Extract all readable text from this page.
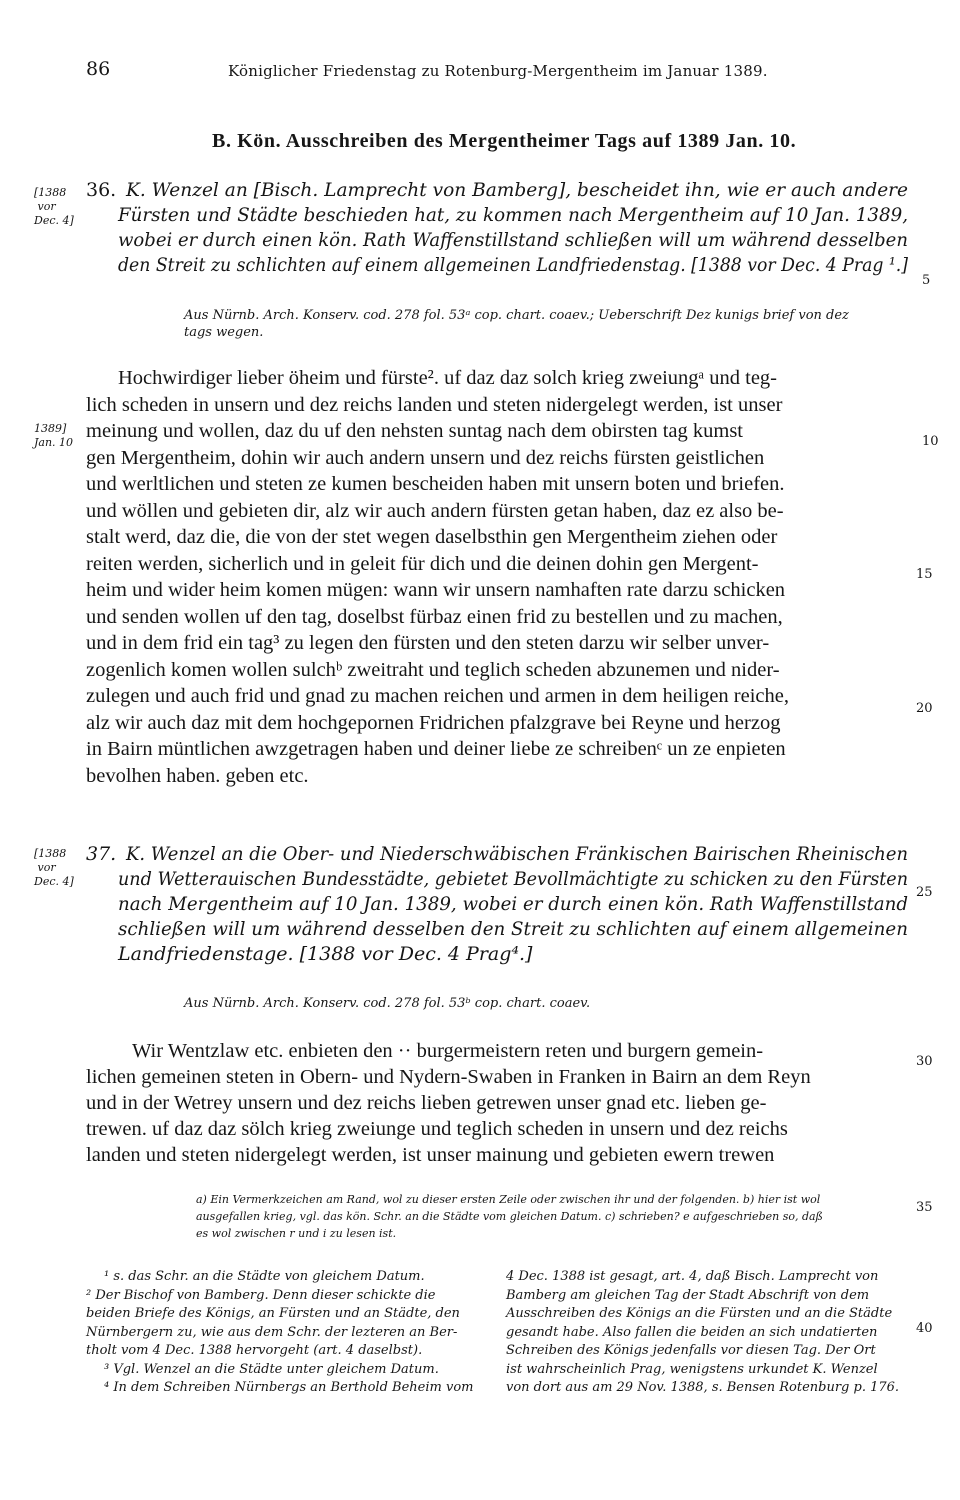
86	Königlicher Friedenstag zu Rotenburg-Mergentheim im Januar 1389.
B. Kön. Ausschreiben des Mergentheimer Tags auf 1389 Jan. 10.
[1388
vor
Dec. 4]
36. K. Wenzel an [Bisch. Lamprecht von Bamberg], bescheidet ihn, wie er auch andere
Fürsten und Städte beschieden hat, zu kommen nach Mergentheim auf 10 Jan. 1389,
wobei er durch einen kön. Rath Waffenstillstand schließen will um während desselben
den Streit zu schlichten auf einem allgemeinen Landfriedenstag. [1388 vor Dec. 4 Prag ¹.]
Aus Nürnb. Arch. Konserv. cod. 278 fol. 53ᵃ cop. chart. coaev.; Ueberschrift Dez kunigs brief von dez
tags wegen.
1389]
Jan. 10
Hochwirdiger lieber öheim und fürste². uf daz daz solch krieg zweiungᵃ und teg-
lich scheden in unsern und dez reichs landen und steten nidergelegt werden, ist unser
meinung und wollen, daz du uf den nehsten suntag nach dem obirsten tag kumst
gen Mergentheim, dohin wir auch andern unsern und dez reichs fürsten geistlichen
und werltlichen und steten ze kumen bescheiden haben mit unsern boten und briefen.
und wöllen und gebieten dir, alz wir auch andern fürsten getan haben, daz ez also be-
stalt werd, daz die, die von der stet wegen daselbsthin gen Mergentheim ziehen oder
reiten werden, sicherlich und in geleit für dich und die deinen dohin gen Mergent-
heim und wider heim komen mügen: wann wir unsern namhaften rate darzu schicken
und senden wollen uf den tag, doselbst fürbaz einen frid zu bestellen und zu machen,
und in dem frid ein tag³ zu legen den fürsten und den steten darzu wir selber unver-
zogenlich komen wollen sulchᵇ zweitraht und teglich scheden abzunemen und nider-
zulegen und auch frid und gnad zu machen reichen und armen in dem heiligen reiche,
alz wir auch daz mit dem hochgepornen Fridrichen pfalzgrave bei Reyne und herzog
in Bairn müntlichen awzgetragen haben und deiner liebe ze schreibenᶜ un ze enpieten
bevolhen haben. geben etc.
[1388
vor
Dec. 4]
37. K. Wenzel an die Ober- und Niederschwäbischen Fränkischen Bairischen Rheinischen
und Wetterauischen Bundesstädte, gebietet Bevollmächtigte zu schicken zu den Fürsten
nach Mergentheim auf 10 Jan. 1389, wobei er durch einen kön. Rath Waffenstillstand
schließen will um während desselben den Streit zu schlichten auf einem allgemeinen
Landfriedenstage. [1388 vor Dec. 4 Prag⁴.]
Aus Nürnb. Arch. Konserv. cod. 278 fol. 53ᵇ cop. chart. coaev.
Wir Wentzlaw etc. enbieten den ·· burgermeistern reten und burgern gemein-
lichen gemeinen steten in Obern- und Nydern-Swaben in Franken in Bairn an dem Reyn
und in der Wetrey unsern und dez reichs lieben getrewen unser gnad etc. lieben ge-
trewen. uf daz daz sölch krieg zweiunge und teglich scheden in unsern und dez reichs
landen und steten nidergelegt werden, ist unser mainung und gebieten ewern trewen
5
10
15
20
25
30
35
40
a) Ein Vermerkzeichen am Rand, wol zu dieser ersten Zeile oder zwischen ihr und der folgenden. b) hier ist wol
ausgefallen krieg, vgl. das kön. Schr. an die Städte vom gleichen Datum. c) schrieben? e aufgeschrieben so, daß
es wol zwischen r und i zu lesen ist.
¹ s. das Schr. an die Städte von gleichem Datum.
² Der Bischof von Bamberg. Denn dieser schickte die
beiden Briefe des Königs, an Fürsten und an Städte, den
Nürnbergern zu, wie aus dem Schr. der lezteren an Ber-
tholt vom 4 Dec. 1388 hervorgeht (art. 4 daselbst).
³ Vgl. Wenzel an die Städte unter gleichem Datum.
⁴ In dem Schreiben Nürnbergs an Berthold Beheim vom
4 Dec. 1388 ist gesagt, art. 4, daß Bisch. Lamprecht von
Bamberg am gleichen Tag der Stadt Abschrift von dem
Ausschreiben des Königs an die Fürsten und an die Städte
gesandt habe. Also fallen die beiden an sich undatierten
Schreiben des Königs jedenfalls vor diesen Tag. Der Ort
ist wahrscheinlich Prag, wenigstens urkundet K. Wenzel
von dort aus am 29 Nov. 1388, s. Bensen Rotenburg p. 176.
